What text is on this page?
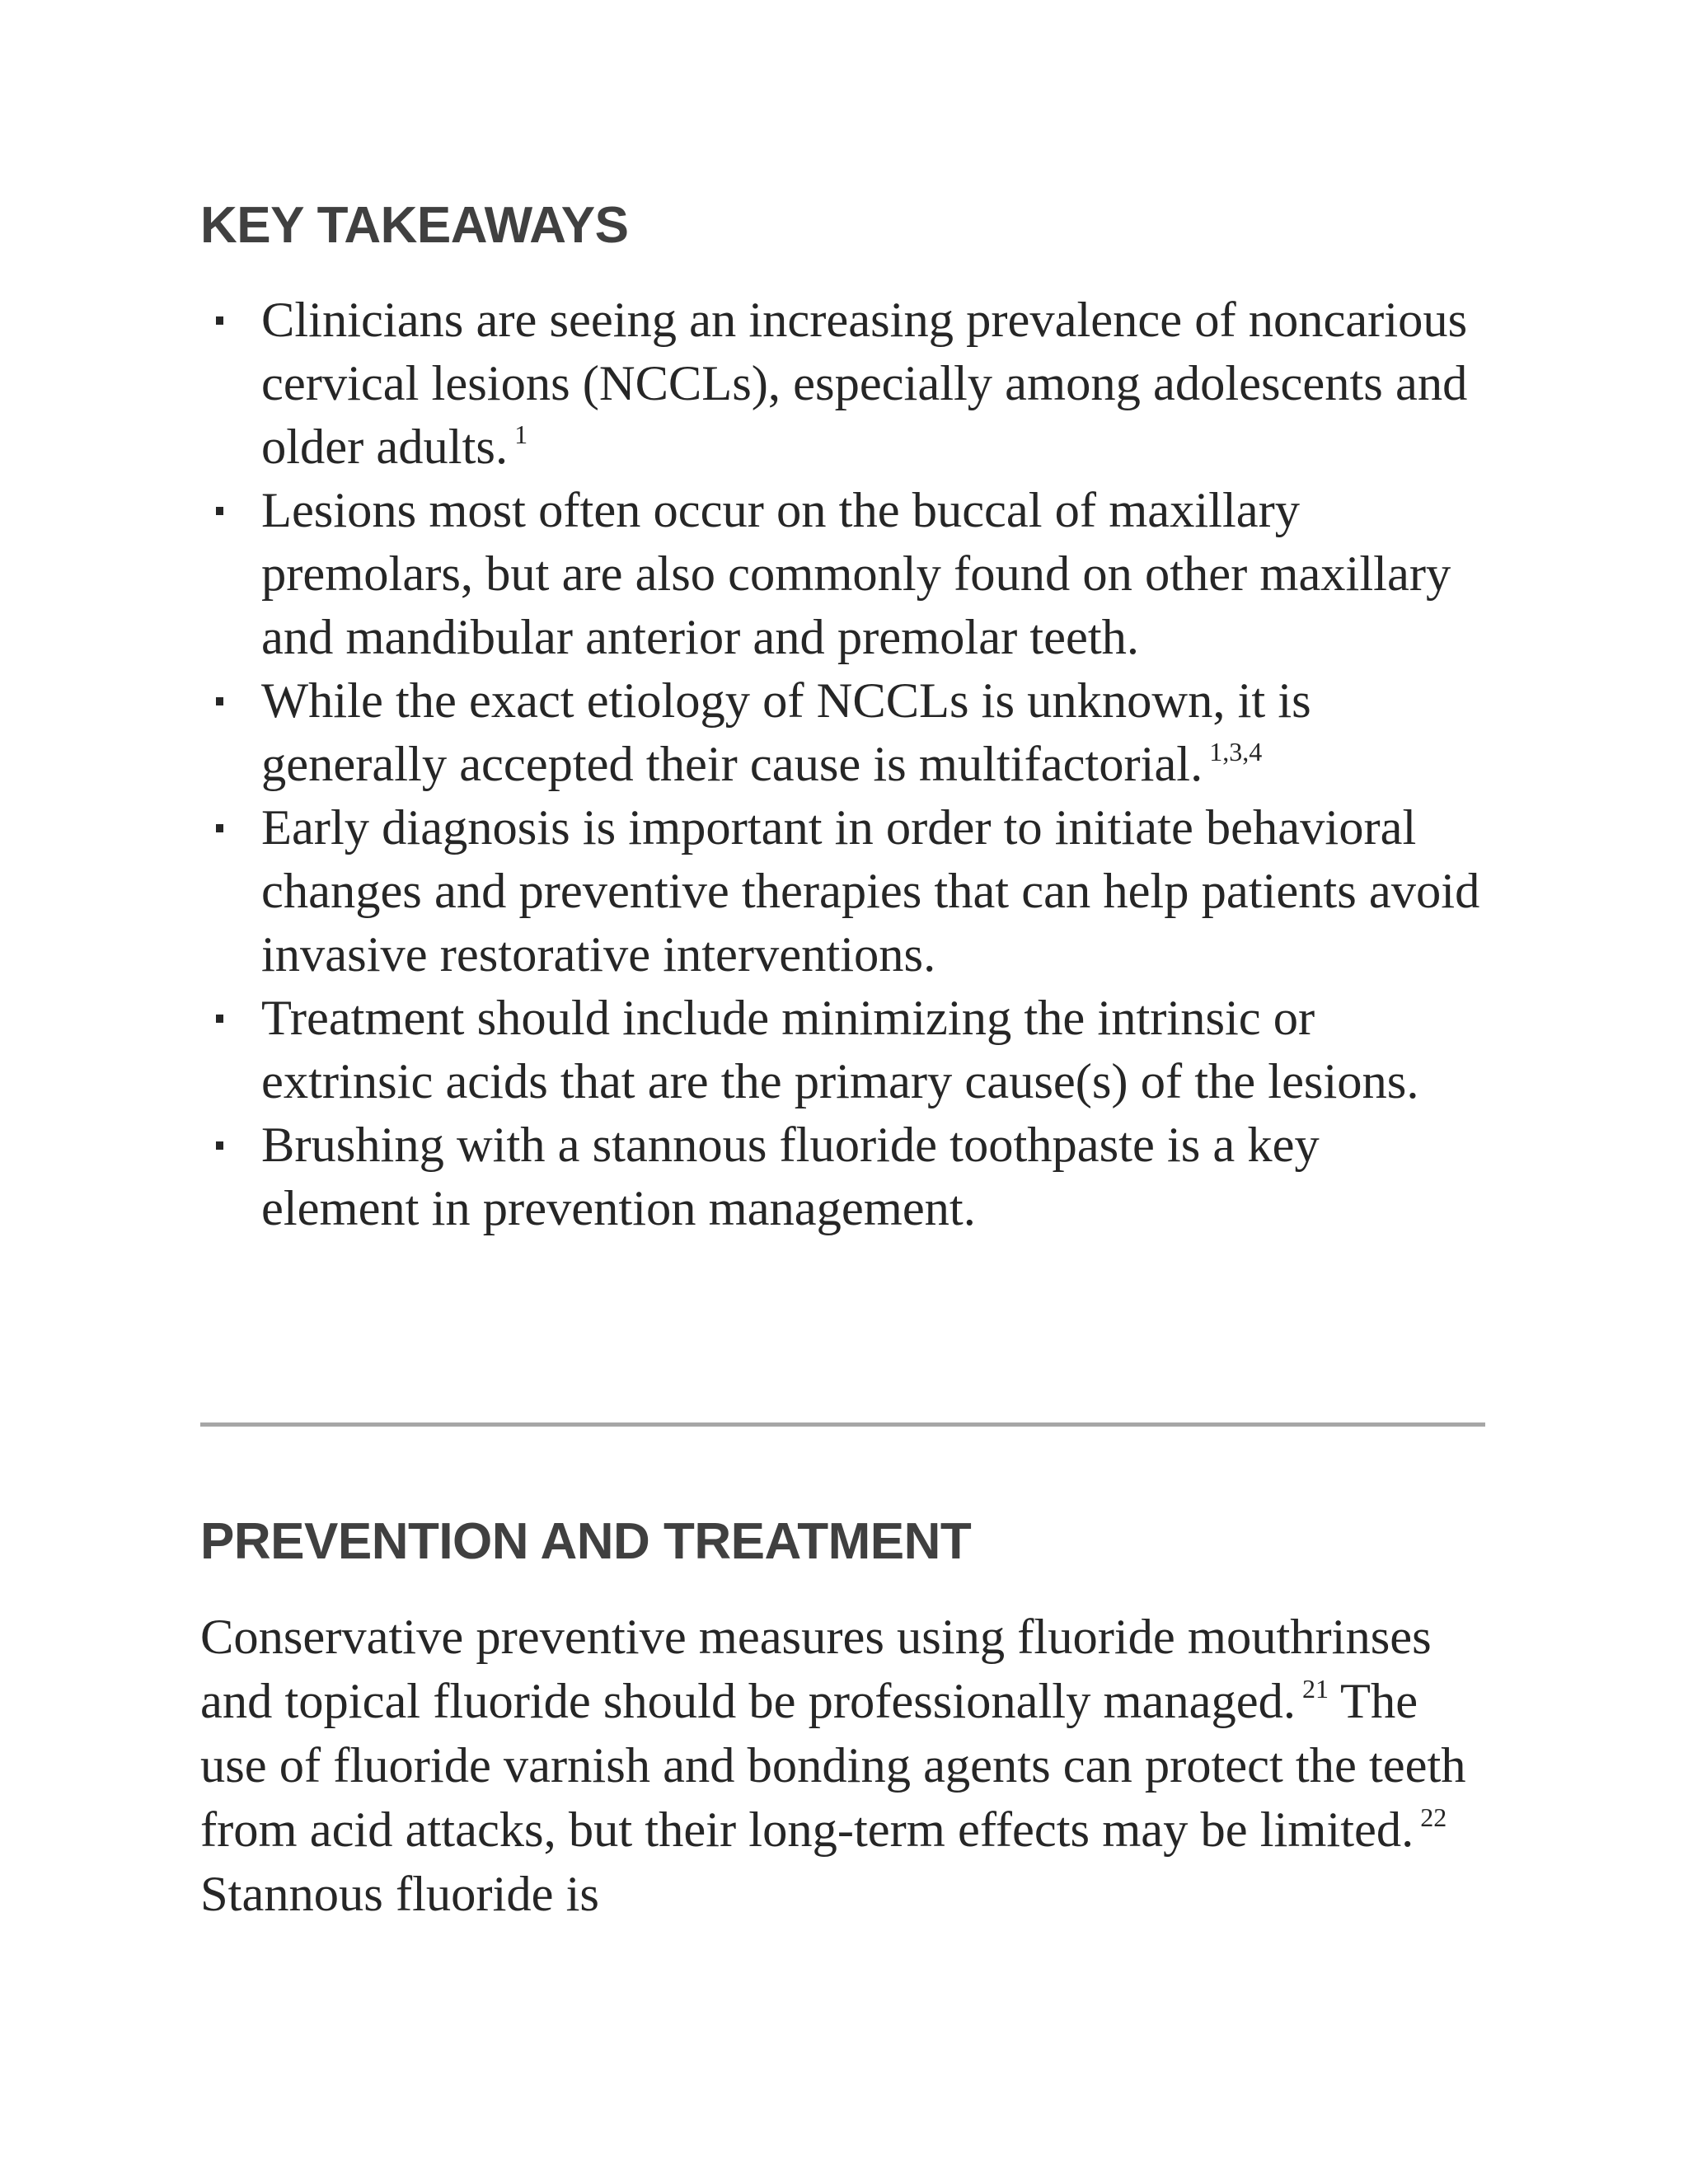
KEY TAKEAWAYS
Clinicians are seeing an increasing prevalence of noncarious cervical lesions (NCCLs), especially among adolescents and older adults. $^1$
Lesions most often occur on the buccal of maxillary premolars, but are also commonly found on other maxillary and mandibular anterior and premolar teeth.
While the exact etiology of NCCLs is unknown, it is generally accepted their cause is multifactorial. $^{1,3,4}$
Early diagnosis is important in order to initiate behavioral changes and preventive therapies that can help patients avoid invasive restorative interventions.
Treatment should include minimizing the intrinsic or extrinsic acids that are the primary cause(s) of the lesions.
Brushing with a stannous fluoride toothpaste is a key element in prevention management.
PREVENTION AND TREATMENT

Conservative preventive measures using fluoride mouthrinses and topical fluoride should be professionally managed. $^{21}$ The use of fluoride varnish and bonding agents can protect the teeth from acid attacks, but their long-term effects may be limited. $^{22}$ Stannous fluoride is
